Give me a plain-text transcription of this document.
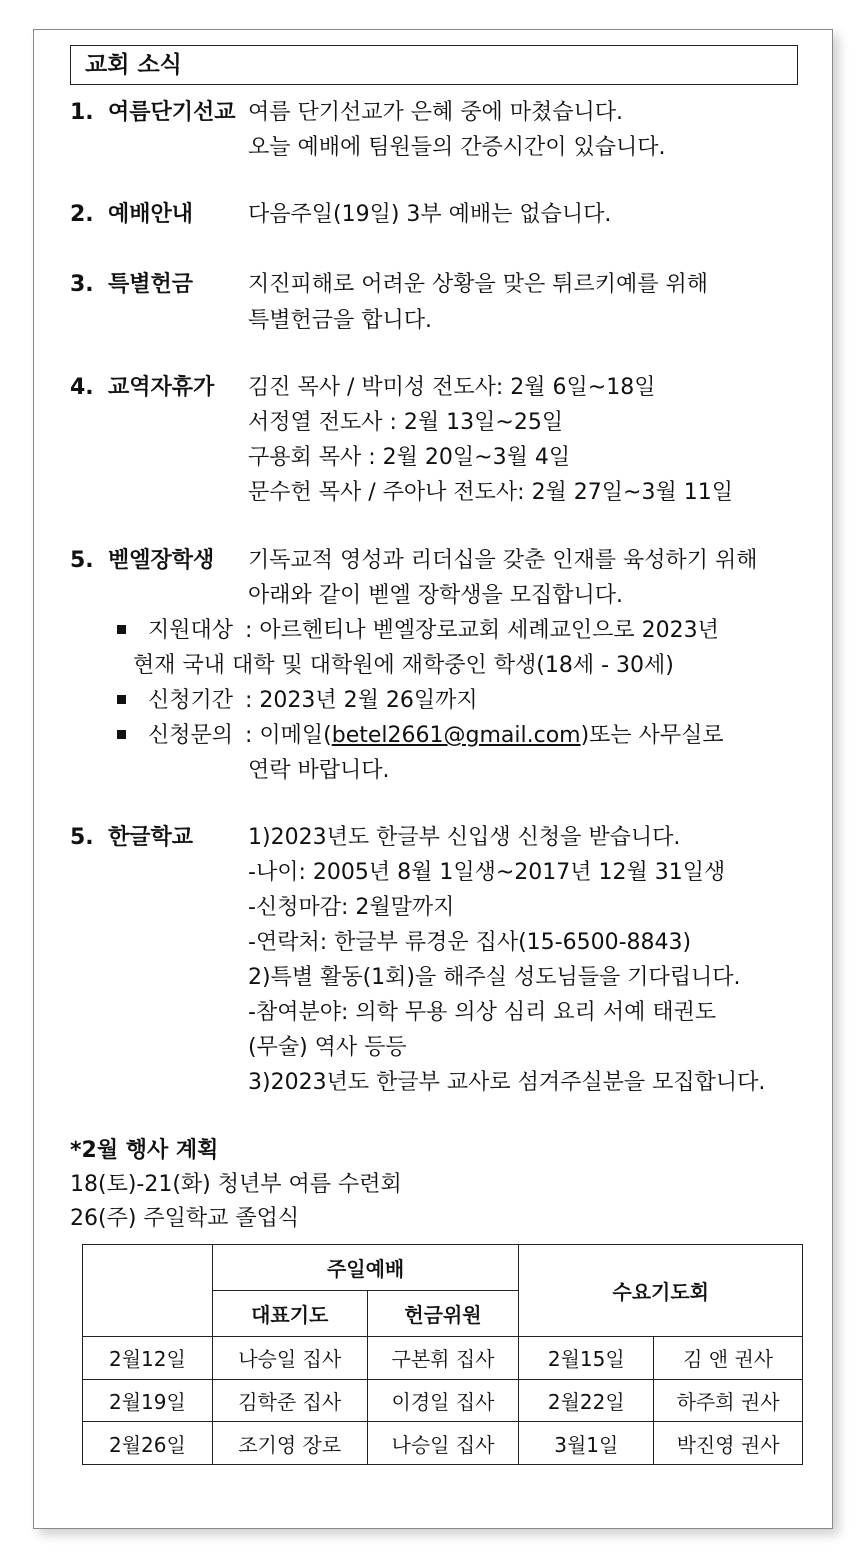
교회 소식
1. 여름단기선교 여름 단기선교가 은혜 중에 마쳤습니다.
오늘 예배에 팀원들의 간증시간이 있습니다.
2. 예배안내 다음주일(19일) 3부 예배는 없습니다.
3. 특별헌금 지진피해로 어려운 상황을 맞은 튀르키예를 위해
특별헌금을 합니다.
4. 교역자휴가 김진 목사 / 박미성 전도사: 2월 6일~18일
서정열 전도사 : 2월 13일~25일
구용회 목사 : 2월 20일~3월 4일
문수헌 목사 / 주아나 전도사: 2월 27일~3월 11일
5. 벧엘장학생 기독교적 영성과 리더십을 갖춘 인재를 육성하기 위해
아래와 같이 벧엘 장학생을 모집합니다.
지원대상 : 아르헨티나 벧엘장로교회 세례교인으로 2023년
현재 국내 대학 및 대학원에 재학중인 학생(18세 - 30세)
신청기간 : 2023년 2월 26일까지
신청문의 : 이메일(betel2661@gmail.com)또는 사무실로
연락 바랍니다.
5. 한글학교 1)2023년도 한글부 신입생 신청을 받습니다.
-나이: 2005년 8월 1일생~2017년 12월 31일생
-신청마감: 2월말까지
-연락처: 한글부 류경운 집사(15-6500-8843)
2)특별 활동(1회)을 해주실 성도님들을 기다립니다.
-참여분야: 의학 무용 의상 심리 요리 서예 태권도
(무술) 역사 등등
3)2023년도 한글부 교사로 섬겨주실분을 모집합니다.
*2월 행사 계획
18(토)-21(화) 청년부 여름 수련회
26(주) 주일학교 졸업식
	주일예배		수요기도회	
	대표기도	헌금위원		
2월12일	나승일 집사	구본휘 집사	2월15일	김 앤 권사
2월19일	김학준 집사	이경일 집사	2월22일	하주희 권사
2월26일	조기영 장로	나승일 집사	3월1일	박진영 권사
